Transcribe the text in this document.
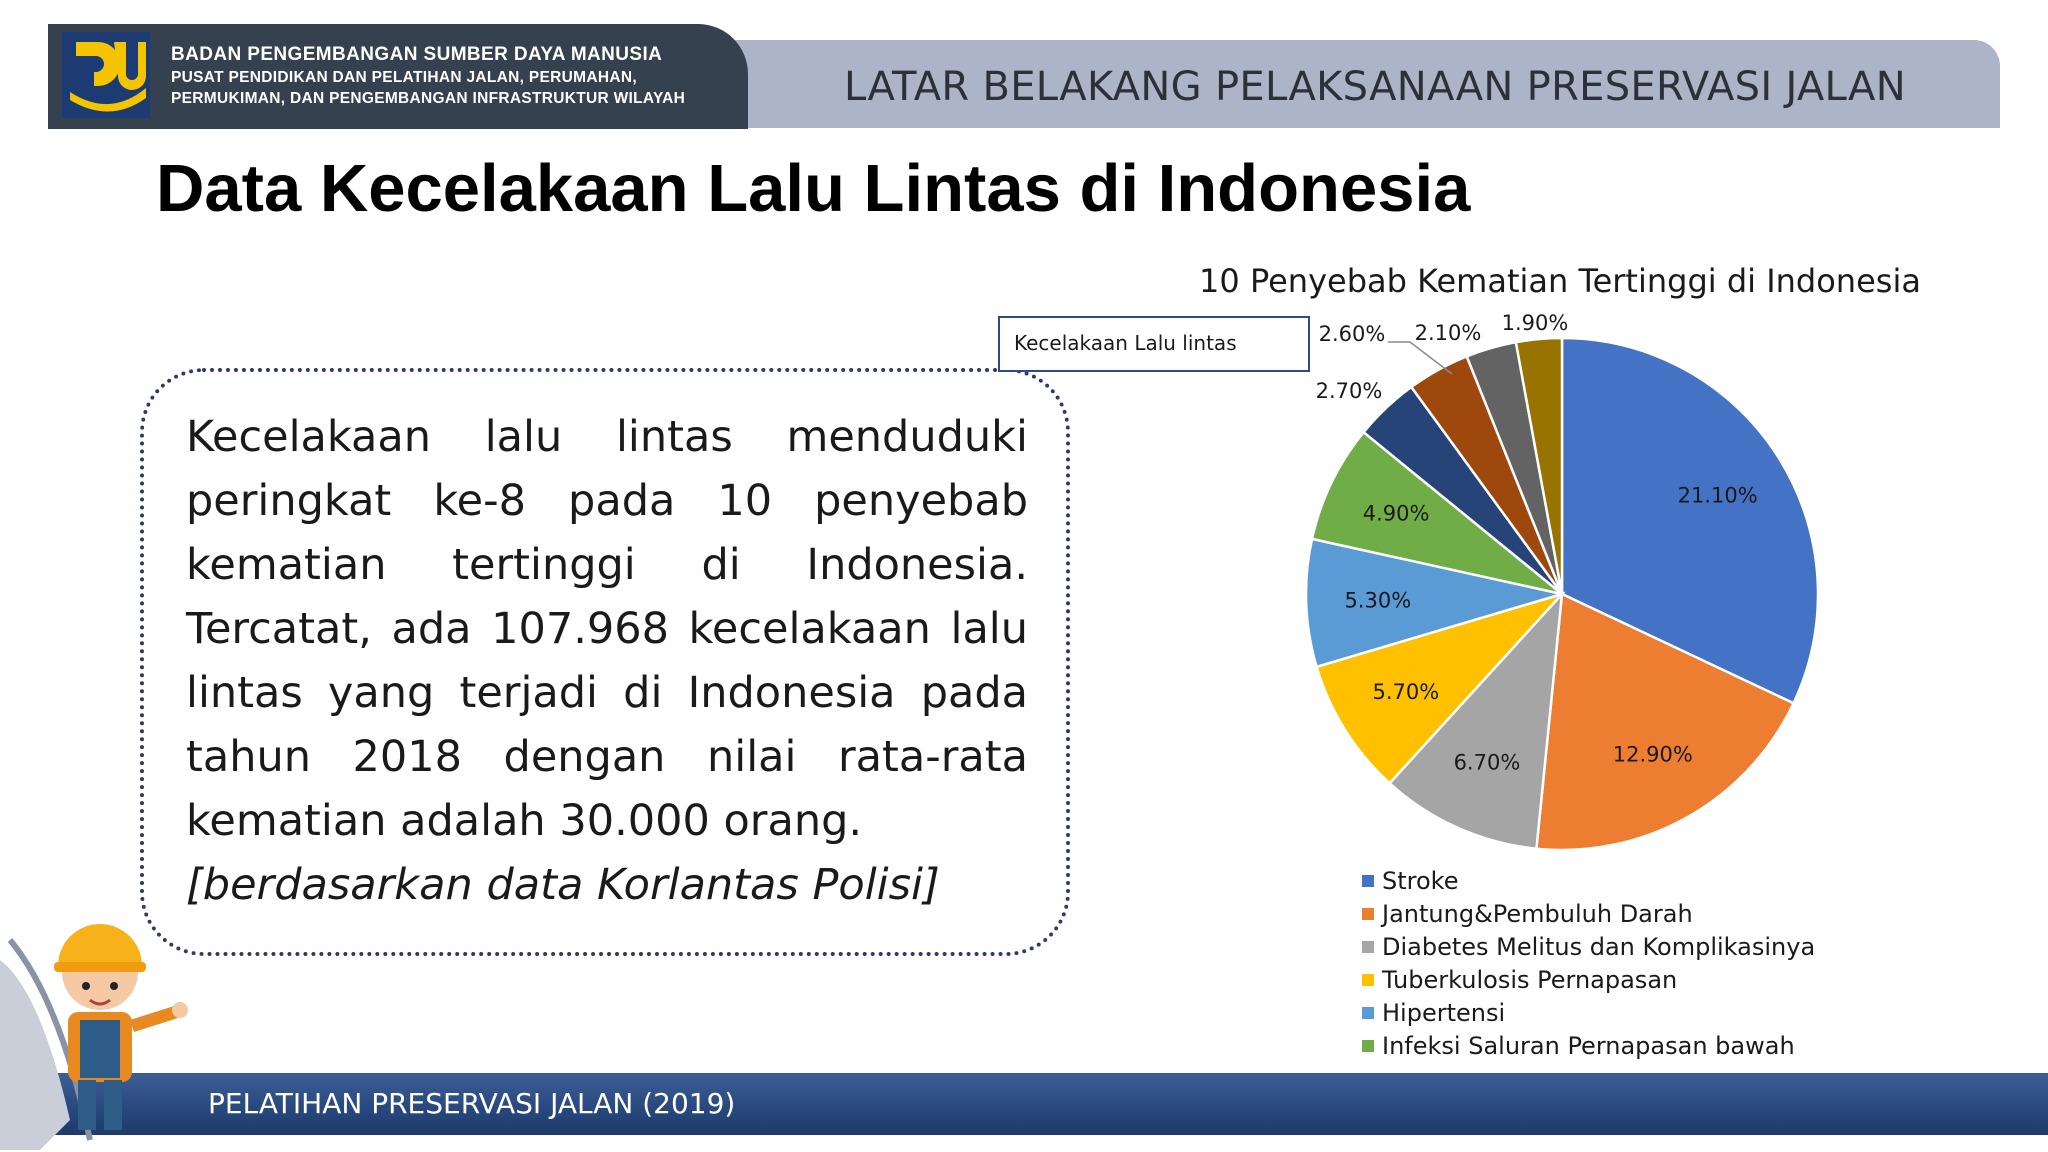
BADAN PENGEMBANGAN SUMBER DAYA MANUSIA
PUSAT PENDIDIKAN DAN PELATIHAN JALAN, PERUMAHAN,
PERMUKIMAN, DAN PENGEMBANGAN INFRASTRUKTUR WILAYAH	LATAR BELAKANG PELAKSANAAN PRESERVASI JALAN
Data Kecelakaan Lalu Lintas di Indonesia
Kecelakaan lalu lintas menduduki peringkat ke-8 pada 10 penyebab kematian tertinggi di Indonesia. Tercatat, ada 107.968 kecelakaan lalu lintas yang terjadi di Indonesia pada tahun 2018 dengan nilai rata-rata kematian adalah 30.000 orang.
[berdasarkan data Korlantas Polisi]
10 Penyebab Kematian Tertinggi di Indonesia
21.10%
12.90%
6.70%
5.70%
5.30%
4.90%
2.70%
2.60% 2.10% 1.90%
Kecelakaan Lalu lintas
Stroke
Jantung&Pembuluh Darah
Diabetes Melitus dan Komplikasinya
Tuberkulosis Pernapasan
Hipertensi
Infeksi Saluran Pernapasan bawah
PELATIHAN PRESERVASI JALAN (2019)
